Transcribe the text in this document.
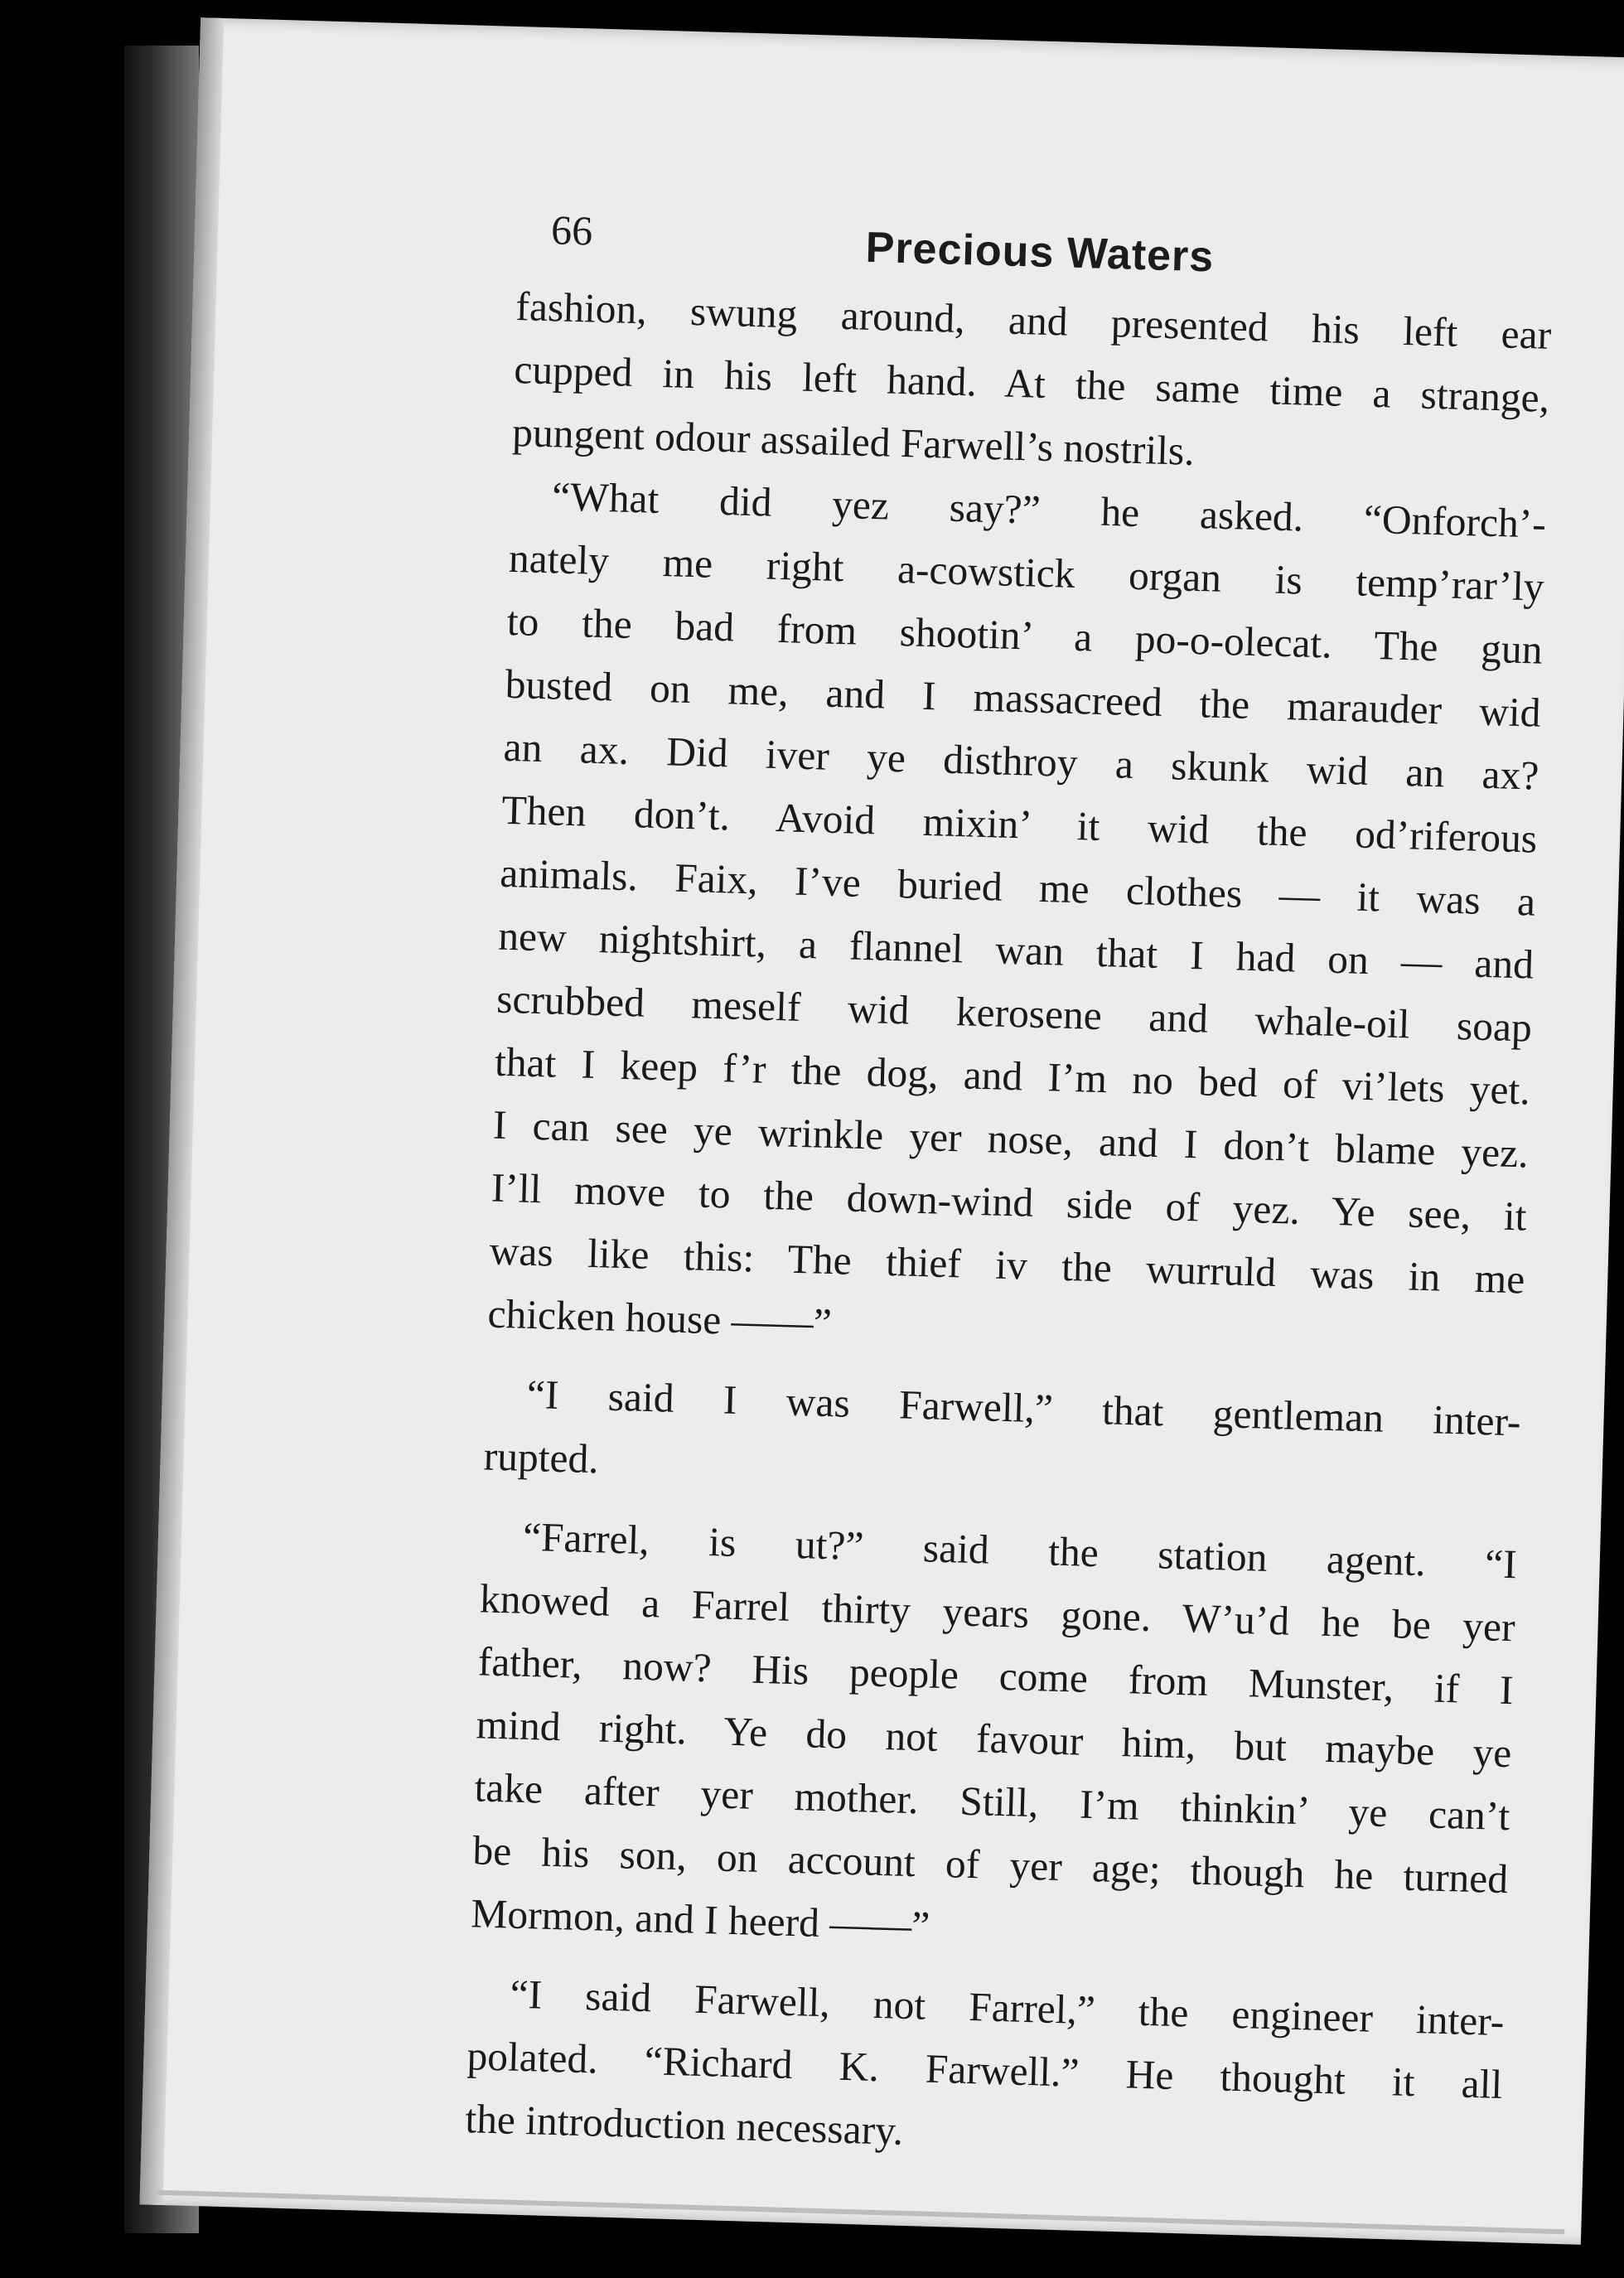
66	Precious Waters
fashion, swung around, and presented his left ear
cupped in his left hand. At the same time a strange,
pungent odour assailed Farwell’s nostrils.
“What did yez say?” he asked. “Onforch’-
nately me right a-cowstick organ is temp’rar’ly
to the bad from shootin’ a po-o-olecat. The gun
busted on me, and I massacreed the marauder wid
an ax. Did iver ye disthroy a skunk wid an ax?
Then don’t. Avoid mixin’ it wid the od’riferous
animals. Faix, I’ve buried me clothes — it was a
new nightshirt, a flannel wan that I had on — and
scrubbed meself wid kerosene and whale-oil soap
that I keep f’r the dog, and I’m no bed of vi’lets yet.
I can see ye wrinkle yer nose, and I don’t blame yez.
I’ll move to the down-wind side of yez. Ye see, it
was like this: The thief iv the wurruld was in me
chicken house ——”
“I said I was Farwell,” that gentleman inter-
rupted.
“Farrel, is ut?” said the station agent. “I
knowed a Farrel thirty years gone. W’u’d he be yer
father, now? His people come from Munster, if I
mind right. Ye do not favour him, but maybe ye
take after yer mother. Still, I’m thinkin’ ye can’t
be his son, on account of yer age; though he turned
Mormon, and I heerd ——”
“I said Farwell, not Farrel,” the engineer inter-
polated. “Richard K. Farwell.” He thought it all
the introduction necessary.
